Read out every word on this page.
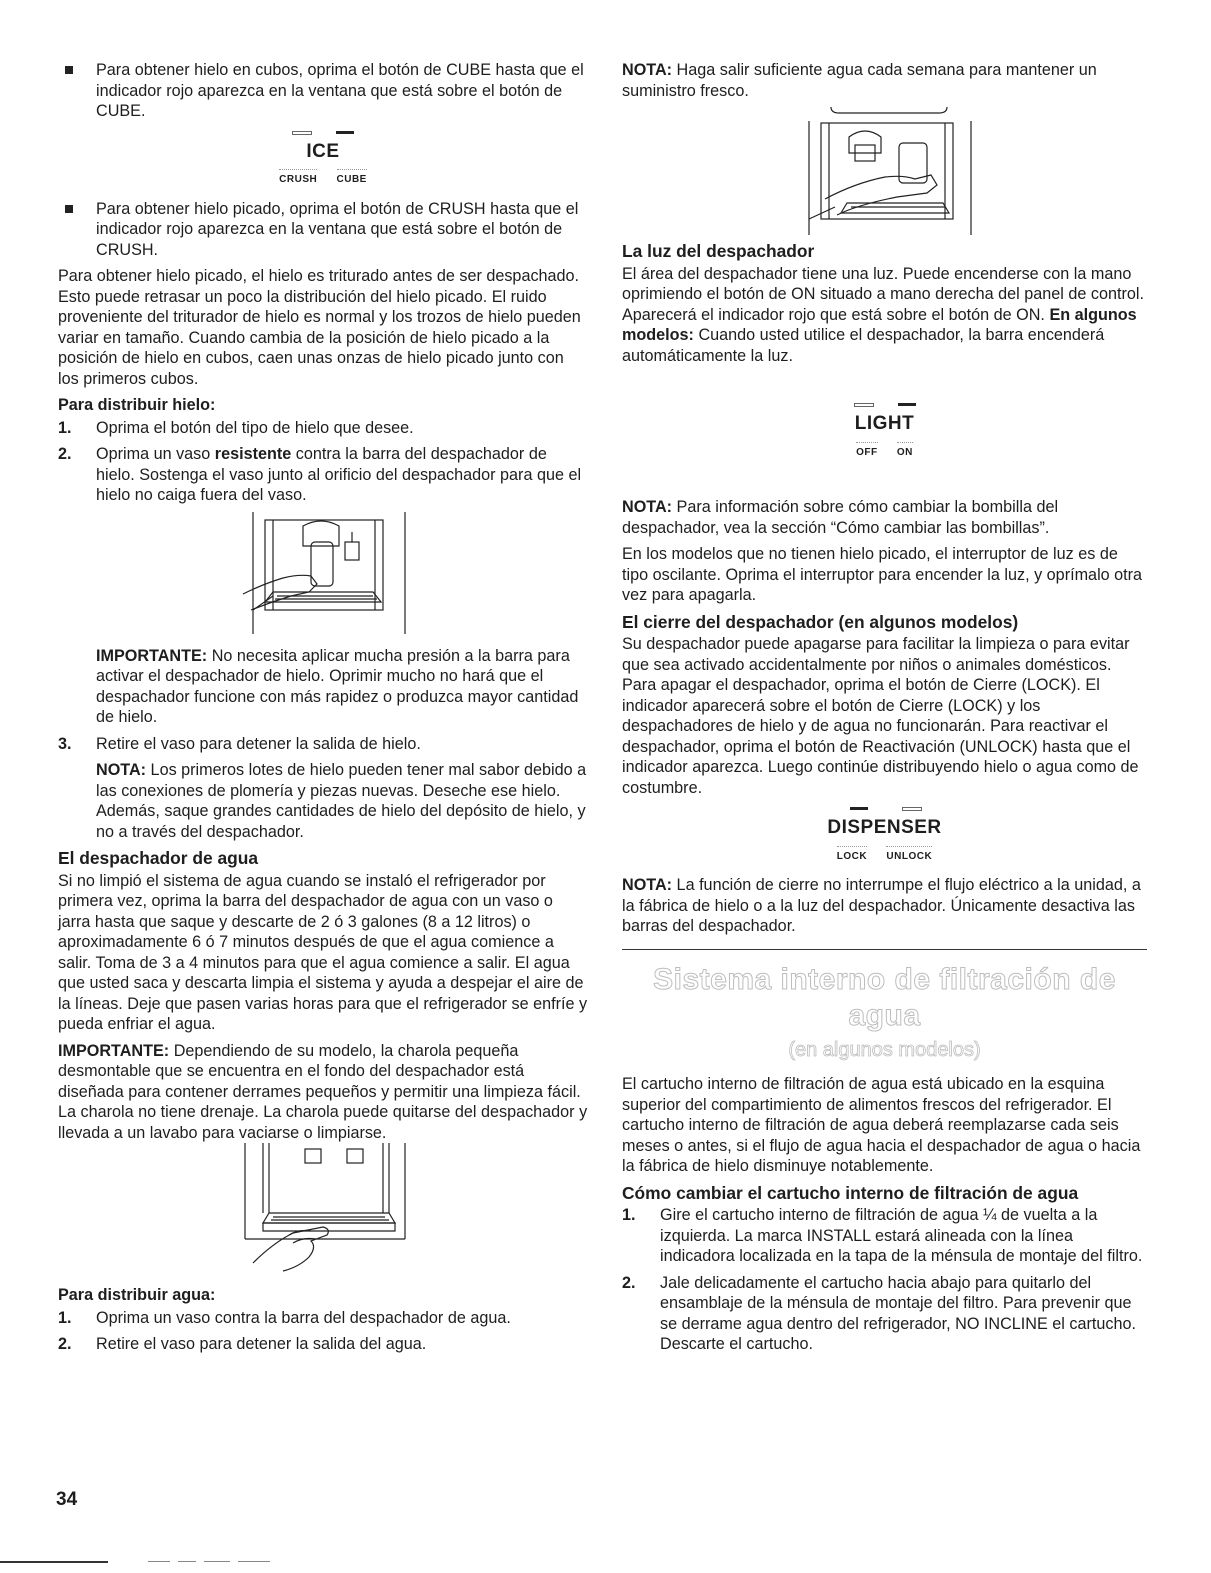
Para obtener hielo en cubos, oprima el botón de CUBE hasta que el indicador rojo aparezca en la ventana que está sobre el botón de CUBE.
ICE
CRUSH CUBE
Para obtener hielo picado, oprima el botón de CRUSH hasta que el indicador rojo aparezca en la ventana que está sobre el botón de CRUSH.

Para obtener hielo picado, el hielo es triturado antes de ser despachado. Esto puede retrasar un poco la distribución del hielo picado. El ruido proveniente del triturador de hielo es normal y los trozos de hielo pueden variar en tamaño. Cuando cambia de la posición de hielo picado a la posición de hielo en cubos, caen unas onzas de hielo picado junto con los primeros cubos.

Para distribuir hielo:
1. Oprima el botón del tipo de hielo que desee.
2. Oprima un vaso resistente contra la barra del despachador de hielo. Sostenga el vaso junto al orificio del despachador para que el hielo no caiga fuera del vaso.

IMPORTANTE: No necesita aplicar mucha presión a la barra para activar el despachador de hielo. Oprimir mucho no hará que el despachador funcione con más rapidez o produzca mayor cantidad de hielo.

3. Retire el vaso para detener la salida de hielo.

NOTA: Los primeros lotes de hielo pueden tener mal sabor debido a las conexiones de plomería y piezas nuevas. Deseche ese hielo. Además, saque grandes cantidades de hielo del depósito de hielo, y no a través del despachador.

El despachador de agua

Si no limpió el sistema de agua cuando se instaló el refrigerador por primera vez, oprima la barra del despachador de agua con un vaso o jarra hasta que saque y descarte de 2 ó 3 galones (8 a 12 litros) o aproximadamente 6 ó 7 minutos después de que el agua comience a salir. Toma de 3 a 4 minutos para que el agua comience a salir. El agua que usted saca y descarta limpia el sistema y ayuda a despejar el aire de la líneas. Deje que pasen varias horas para que el refrigerador se enfríe y pueda enfriar el agua.

IMPORTANTE: Dependiendo de su modelo, la charola pequeña desmontable que se encuentra en el fondo del despachador está diseñada para contener derrames pequeños y permitir una limpieza fácil. La charola no tiene drenaje. La charola puede quitarse del despachador y llevada a un lavabo para vaciarse o limpiarse.

Para distribuir agua:
1. Oprima un vaso contra la barra del despachador de agua.
2. Retire el vaso para detener la salida del agua.

NOTA: Haga salir suficiente agua cada semana para mantener un suministro fresco.

La luz del despachador

El área del despachador tiene una luz. Puede encenderse con la mano oprimiendo el botón de ON situado a mano derecha del panel de control. Aparecerá el indicador rojo que está sobre el botón de ON. En algunos modelos: Cuando usted utilice el despachador, la barra encenderá automáticamente la luz.

LIGHT
OFF ON

NOTA: Para información sobre cómo cambiar la bombilla del despachador, vea la sección “Cómo cambiar las bombillas”.

En los modelos que no tienen hielo picado, el interruptor de luz es de tipo oscilante. Oprima el interruptor para encender la luz, y oprímalo otra vez para apagarla.

El cierre del despachador (en algunos modelos)

Su despachador puede apagarse para facilitar la limpieza o para evitar que sea activado accidentalmente por niños o animales domésticos. Para apagar el despachador, oprima el botón de Cierre (LOCK). El indicador aparecerá sobre el botón de Cierre (LOCK) y los despachadores de hielo y de agua no funcionarán. Para reactivar el despachador, oprima el botón de Reactivación (UNLOCK) hasta que el indicador aparezca. Luego continúe distribuyendo hielo o agua como de costumbre.

DISPENSER
LOCK UNLOCK

NOTA: La función de cierre no interrumpe el flujo eléctrico a la unidad, a la fábrica de hielo o a la luz del despachador. Únicamente desactiva las barras del despachador.

Sistema interno de filtración de agua
(en algunos modelos)

El cartucho interno de filtración de agua está ubicado en la esquina superior del compartimiento de alimentos frescos del refrigerador. El cartucho interno de filtración de agua deberá reemplazarse cada seis meses o antes, si el flujo de agua hacia el despachador de agua o hacia la fábrica de hielo disminuye notablemente.

Cómo cambiar el cartucho interno de filtración de agua
1. Gire el cartucho interno de filtración de agua ¼ de vuelta a la izquierda. La marca INSTALL estará alineada con la línea indicadora localizada en la tapa de la ménsula de montaje del filtro.
2. Jale delicadamente el cartucho hacia abajo para quitarlo del ensamblaje de la ménsula de montaje del filtro. Para prevenir que se derrame agua dentro del refrigerador, NO INCLINE el cartucho. Descarte el cartucho.
34
